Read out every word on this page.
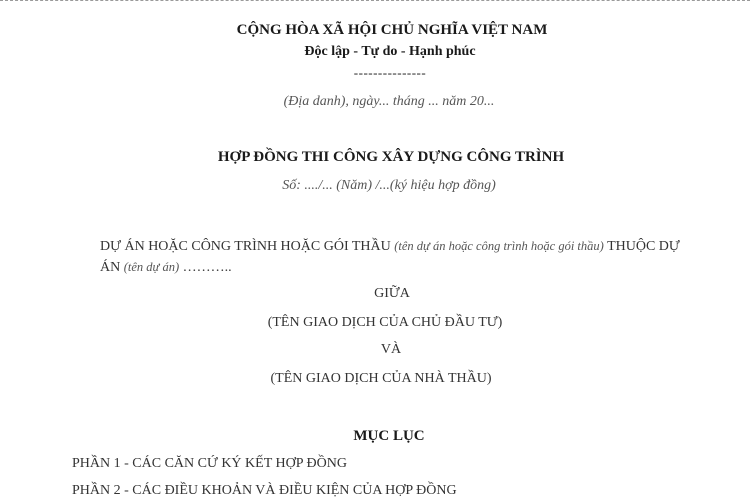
CỘNG HÒA XÃ HỘI CHỦ NGHĨA VIỆT NAM
Độc lập - Tự do - Hạnh phúc
---------------
(Địa danh), ngày... tháng ... năm 20...
HỢP ĐỒNG THI CÔNG XÂY DỰNG CÔNG TRÌNH
Số: ..../... (Năm) /...(ký hiệu hợp đồng)
DỰ ÁN HOẶC CÔNG TRÌNH HOẶC GÓI THẦU (tên dự án hoặc công trình hoặc gói thầu) THUỘC DỰ ÁN (tên dự án) ………..
GIỮA
(TÊN GIAO DỊCH CỦA CHỦ ĐẦU TƯ)
VÀ
(TÊN GIAO DỊCH CỦA NHÀ THẦU)
MỤC LỤC
PHẦN 1 - CÁC CĂN CỨ KÝ KẾT HỢP ĐỒNG
PHẦN 2 - CÁC ĐIỀU KHOẢN VÀ ĐIỀU KIỆN CỦA HỢP ĐỒNG
